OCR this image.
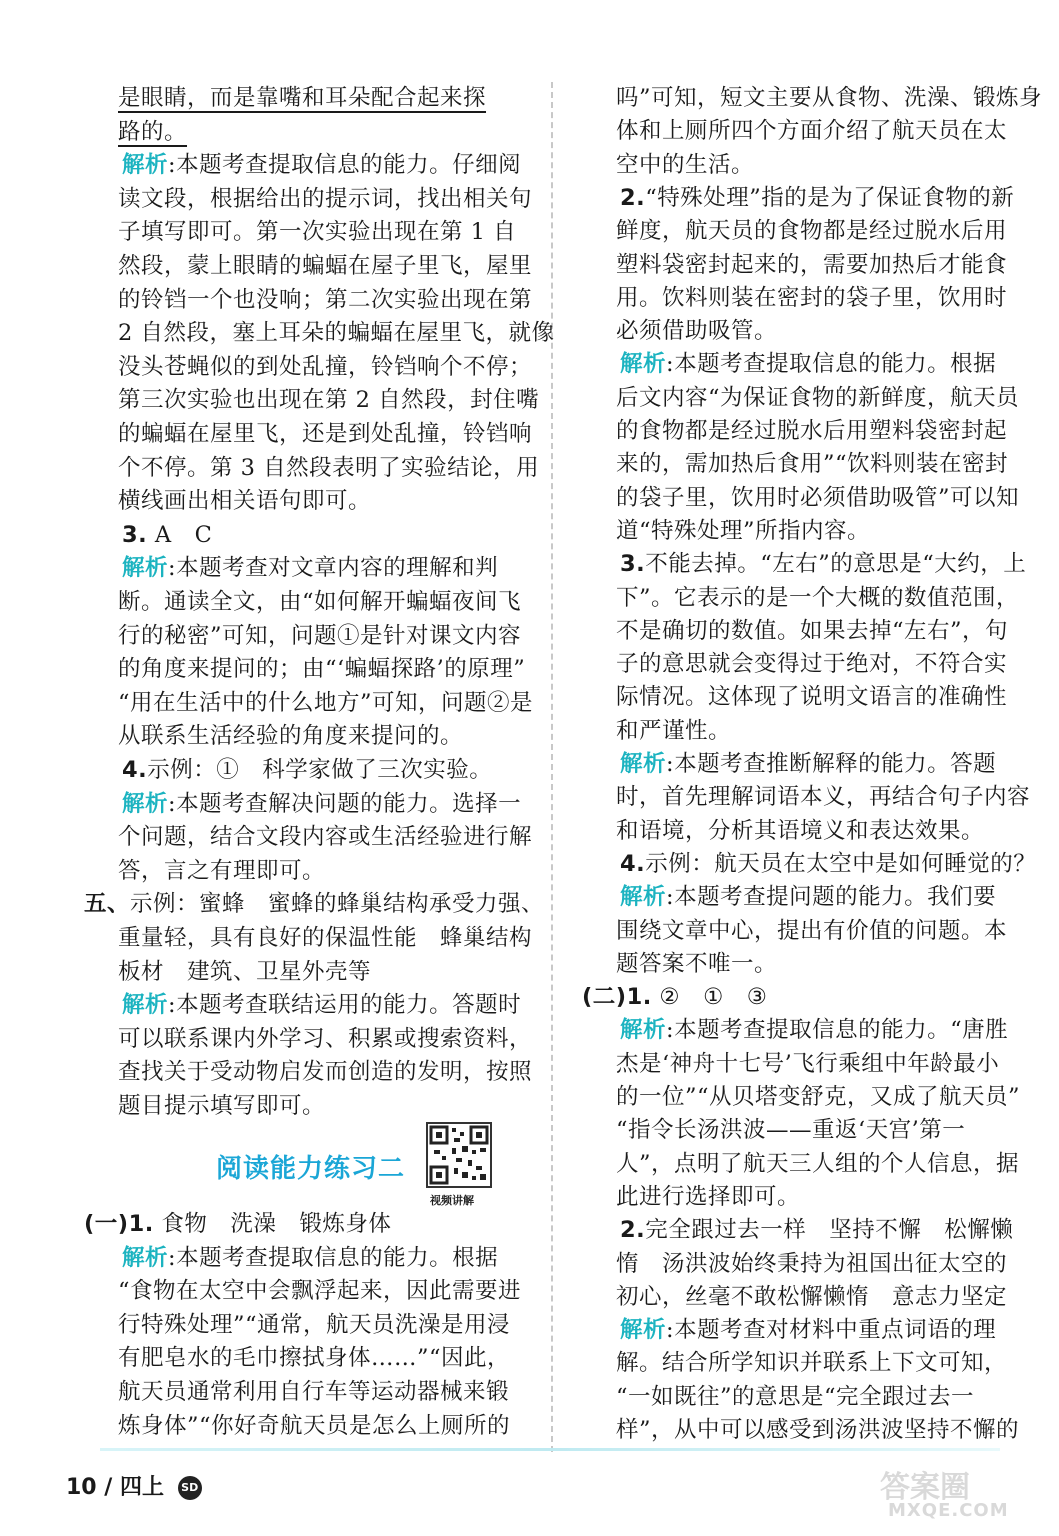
是眼睛，而是靠嘴和耳朵配合起来探
路的。
解析:本题考查提取信息的能力。仔细阅
读文段，根据给出的提示词，找出相关句
子填写即可。第一次实验出现在第 1 自
然段，蒙上眼睛的蝙蝠在屋子里飞，屋里
的铃铛一个也没响；第二次实验出现在第
2 自然段，塞上耳朵的蝙蝠在屋里飞，就像
没头苍蝇似的到处乱撞，铃铛响个不停；
第三次实验也出现在第 2 自然段，封住嘴
的蝙蝠在屋里飞，还是到处乱撞，铃铛响
个不停。第 3 自然段表明了实验结论，用
横线画出相关语句即可。
3. A　C
解析:本题考查对文章内容的理解和判
断。通读全文，由“如何解开蝙蝠夜间飞
行的秘密”可知，问题①是针对课文内容
的角度来提问的；由“‘蝙蝠探路’的原理”
“用在生活中的什么地方”可知，问题②是
从联系生活经验的角度来提问的。
4.示例：①　科学家做了三次实验。
解析:本题考查解决问题的能力。选择一
个问题，结合文段内容或生活经验进行解
答，言之有理即可。
五、示例：蜜蜂　蜜蜂的蜂巢结构承受力强、
重量轻，具有良好的保温性能　蜂巢结构
板材　建筑、卫星外壳等
解析:本题考查联结运用的能力。答题时
可以联系课内外学习、积累或搜索资料，
查找关于受动物启发而创造的发明，按照
题目提示填写即可。
阅读能力练习二
视频讲解
(一)1. 食物　洗澡　锻炼身体
解析:本题考查提取信息的能力。根据
“食物在太空中会飘浮起来，因此需要进
行特殊处理”“通常，航天员洗澡是用浸
有肥皂水的毛巾擦拭身体……”“因此，
航天员通常利用自行车等运动器械来锻
炼身体”“你好奇航天员是怎么上厕所的
吗”可知，短文主要从食物、洗澡、锻炼身
体和上厕所四个方面介绍了航天员在太
空中的生活。
2.“特殊处理”指的是为了保证食物的新
鲜度，航天员的食物都是经过脱水后用
塑料袋密封起来的，需要加热后才能食
用。饮料则装在密封的袋子里，饮用时
必须借助吸管。
解析:本题考查提取信息的能力。根据
后文内容“为保证食物的新鲜度，航天员
的食物都是经过脱水后用塑料袋密封起
来的，需加热后食用”“饮料则装在密封
的袋子里，饮用时必须借助吸管”可以知
道“特殊处理”所指内容。
3.不能去掉。“左右”的意思是“大约，上
下”。它表示的是一个大概的数值范围，
不是确切的数值。如果去掉“左右”，句
子的意思就会变得过于绝对，不符合实
际情况。这体现了说明文语言的准确性
和严谨性。
解析:本题考查推断解释的能力。答题
时，首先理解词语本义，再结合句子内容
和语境，分析其语境义和表达效果。
4.示例：航天员在太空中是如何睡觉的？
解析:本题考查提问题的能力。我们要
围绕文章中心，提出有价值的问题。本
题答案不唯一。
(二)1. ②　①　③
解析:本题考查提取信息的能力。“唐胜
杰是‘神舟十七号’飞行乘组中年龄最小
的一位”“从贝塔变舒克，又成了航天员”
“指令长汤洪波——重返‘天宫’第一
人”，点明了航天三人组的个人信息，据
此进行选择即可。
2.完全跟过去一样　坚持不懈　松懈懒
惰　汤洪波始终秉持为祖国出征太空的
初心，丝毫不敢松懈懒惰　意志力坚定
解析:本题考查对材料中重点词语的理
解。结合所学知识并联系上下文可知，
“一如既往”的意思是“完全跟过去一
样”，从中可以感受到汤洪波坚持不懈的
10 / 四上 SD	答案圈
MXQE.COM
